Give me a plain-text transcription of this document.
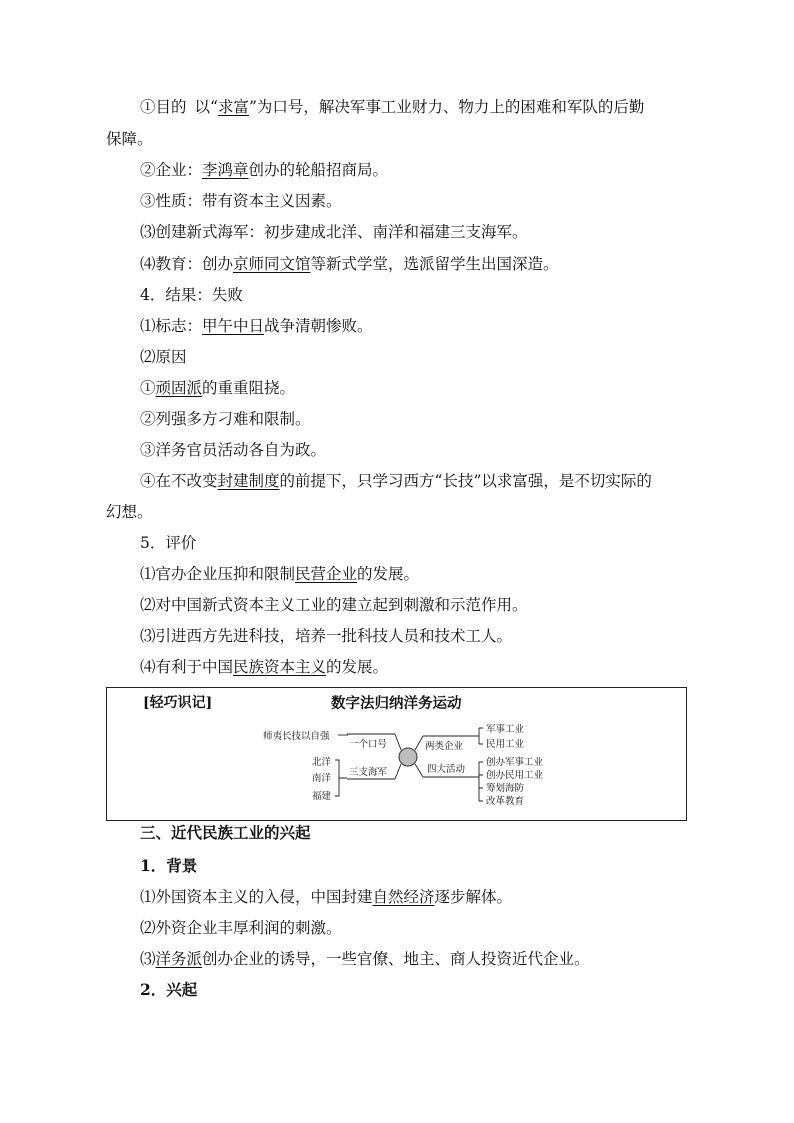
①目的 以“求富”为口号，解决军事工业财力、物力上的困难和军队的后勤
保障。
②企业：李鸿章创办的轮船招商局。
③性质：带有资本主义因素。
⑶创建新式海军：初步建成北洋、南洋和福建三支海军。
⑷教育：创办京师同文馆等新式学堂，选派留学生出国深造。
4．结果：失败
⑴标志：甲午中日战争清朝惨败。
⑵原因
①顽固派的重重阻挠。
②列强多方刁难和限制。
③洋务官员活动各自为政。
④在不改变封建制度的前提下，只学习西方“长技”以求富强，是不切实际的
幻想。
5．评价
⑴官办企业压抑和限制民营企业的发展。
⑵对中国新式资本主义工业的建立起到刺激和示范作用。
⑶引进西方先进科技，培养一批科技人员和技术工人。
⑷有利于中国民族资本主义的发展。
[轻巧识记]	数字法归纳洋务运动
师夷长技以自强
一个口号
北洋
南洋
福建
三支海军
两类企业
四大活动
军事工业
民用工业
创办军事工业
创办民用工业
筹划海防
改革教育
三、近代民族工业的兴起
1．背景
⑴外国资本主义的入侵，中国封建自然经济逐步解体。
⑵外资企业丰厚利润的刺激。
⑶洋务派创办企业的诱导，一些官僚、地主、商人投资近代企业。
2．兴起
